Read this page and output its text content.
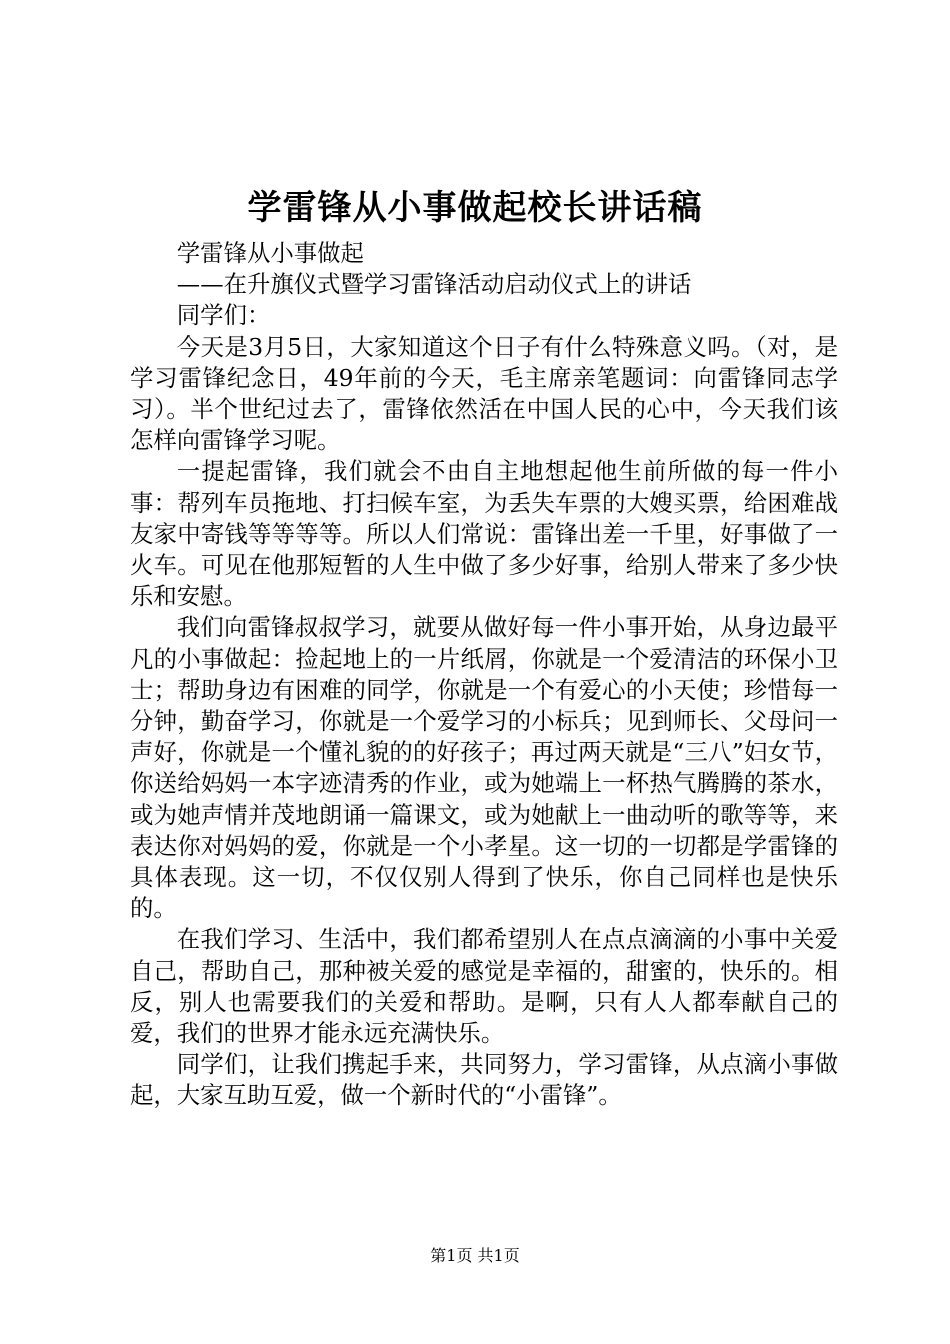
学雷锋从小事做起校长讲话稿

学雷锋从小事做起

——在升旗仪式暨学习雷锋活动启动仪式上的讲话

同学们：

今天是3月5日，大家知道这个日子有什么特殊意义吗。（对，是学习雷锋纪念日，49年前的今天，毛主席亲笔题词：向雷锋同志学习）。半个世纪过去了，雷锋依然活在中国人民的心中，今天我们该怎样向雷锋学习呢。

一提起雷锋，我们就会不由自主地想起他生前所做的每一件小事：帮列车员拖地、打扫候车室，为丢失车票的大嫂买票，给困难战友家中寄钱等等等等。所以人们常说：雷锋出差一千里，好事做了一火车。可见在他那短暂的人生中做了多少好事，给别人带来了多少快乐和安慰。

我们向雷锋叔叔学习，就要从做好每一件小事开始，从身边最平凡的小事做起：捡起地上的一片纸屑，你就是一个爱清洁的环保小卫士；帮助身边有困难的同学，你就是一个有爱心的小天使；珍惜每一分钟，勤奋学习，你就是一个爱学习的小标兵；见到师长、父母问一声好，你就是一个懂礼貌的的好孩子；再过两天就是“三八”妇女节，你送给妈妈一本字迹清秀的作业，或为她端上一杯热气腾腾的茶水，或为她声情并茂地朗诵一篇课文，或为她献上一曲动听的歌等等，来表达你对妈妈的爱，你就是一个小孝星。这一切的一切都是学雷锋的具体表现。这一切，不仅仅别人得到了快乐，你自己同样也是快乐的。

在我们学习、生活中，我们都希望别人在点点滴滴的小事中关爱自己，帮助自己，那种被关爱的感觉是幸福的，甜蜜的，快乐的。相反，别人也需要我们的关爱和帮助。是啊，只有人人都奉献自己的爱，我们的世界才能永远充满快乐。

同学们，让我们携起手来，共同努力，学习雷锋，从点滴小事做起，大家互助互爱，做一个新时代的“小雷锋”。

第1页 共1页
